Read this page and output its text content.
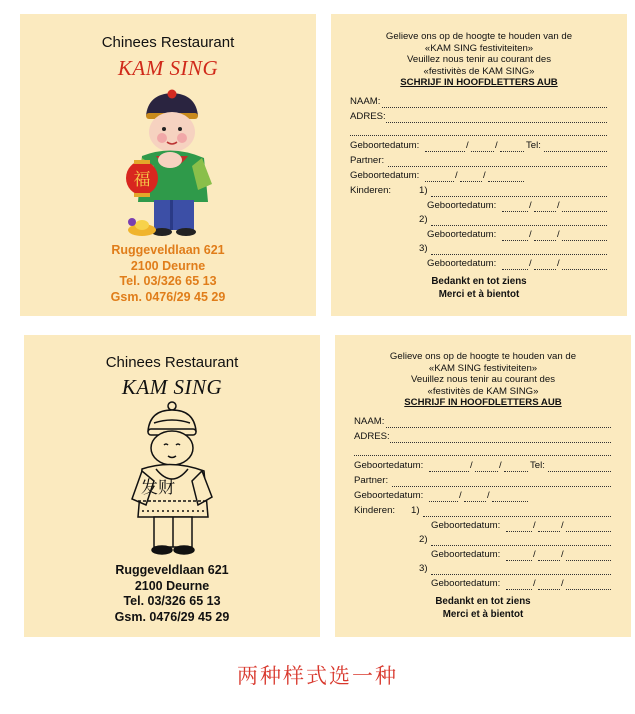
Chinees Restaurant
KAM SING
福
Ruggeveldlaan 621
2100 Deurne
Tel. 03/326 65 13
Gsm. 0476/29 45 29
Chinees Restaurant
KAM SING
发财
Ruggeveldlaan 621
2100 Deurne
Tel. 03/326 65 13
Gsm. 0476/29 45 29
Gelieve ons op de hoogte te houden van de
«KAM SING festiviteiten»
Veuillez nous tenir au courant des
«festivitès de KAM SING»
SCHRIJF IN HOOFDLETTERS AUB
NAAM:
ADRES:
Geboortedatum:	/	/	Tel:
Partner:
Geboortedatum:	/	/
Kinderen:	1)
Geboortedatum:	/	/
2)
Geboortedatum:	/	/
3)
Geboortedatum:	/	/
Bedankt en tot ziens
Merci et à bientot
Gelieve ons op de hoogte te houden van de
«KAM SING festiviteiten»
Veuillez nous tenir au courant des
«festivitès de KAM SING»
SCHRIJF IN HOOFDLETTERS AUB
NAAM:
ADRES:
Geboortedatum:	/	/	Tel:
Partner:
Geboortedatum:	/	/
Kinderen: 1)
Geboortedatum:	/	/
2)
Geboortedatum:	/	/
3)
Geboortedatum:	/	/
Bedankt en tot ziens
Merci et à bientot
两种样式选一种
